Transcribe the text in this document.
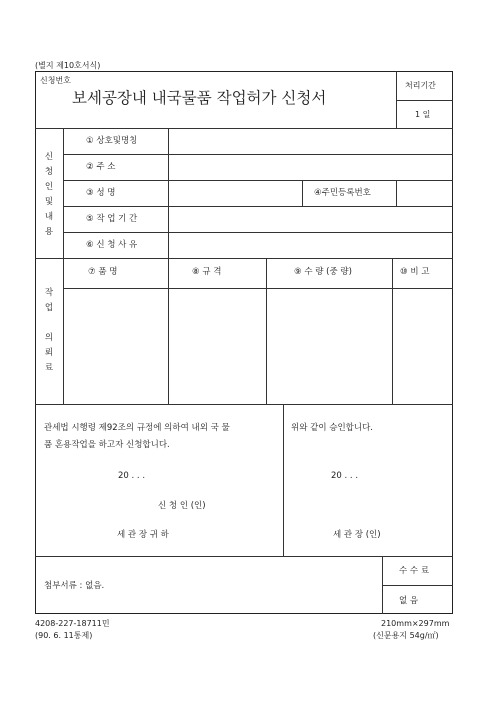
(별지 제10호서식)
신청번호
보세공장내 내국물품 작업허가 신청서
처리기간
1 일
신
청
인
및
내
용
① 상호및명칭
② 주 소
③ 성 명	④주민등록번호
⑤ 작 업 기 간
⑥ 신 청 사 유
작
업

의
뢰
료
⑦ 품 명	⑧ 규 격	⑨ 수 량 (중 량)	⑩ 비 고
관세법 시행령 제92조의 규정에 의하여 내외 국 물
품 혼용작업을 하고자 신청합니다.
20 . . .
신 청 인 (인)
세 관 장 귀 하
위와 같이 승인합니다.
20 . . .
세 관 장 (인)
첨부서류 : 없음.
수 수 료
없 음
4208-227-18711민
(90. 6. 11통제)
210mm×297mm
(신문용지 54g/㎡)
